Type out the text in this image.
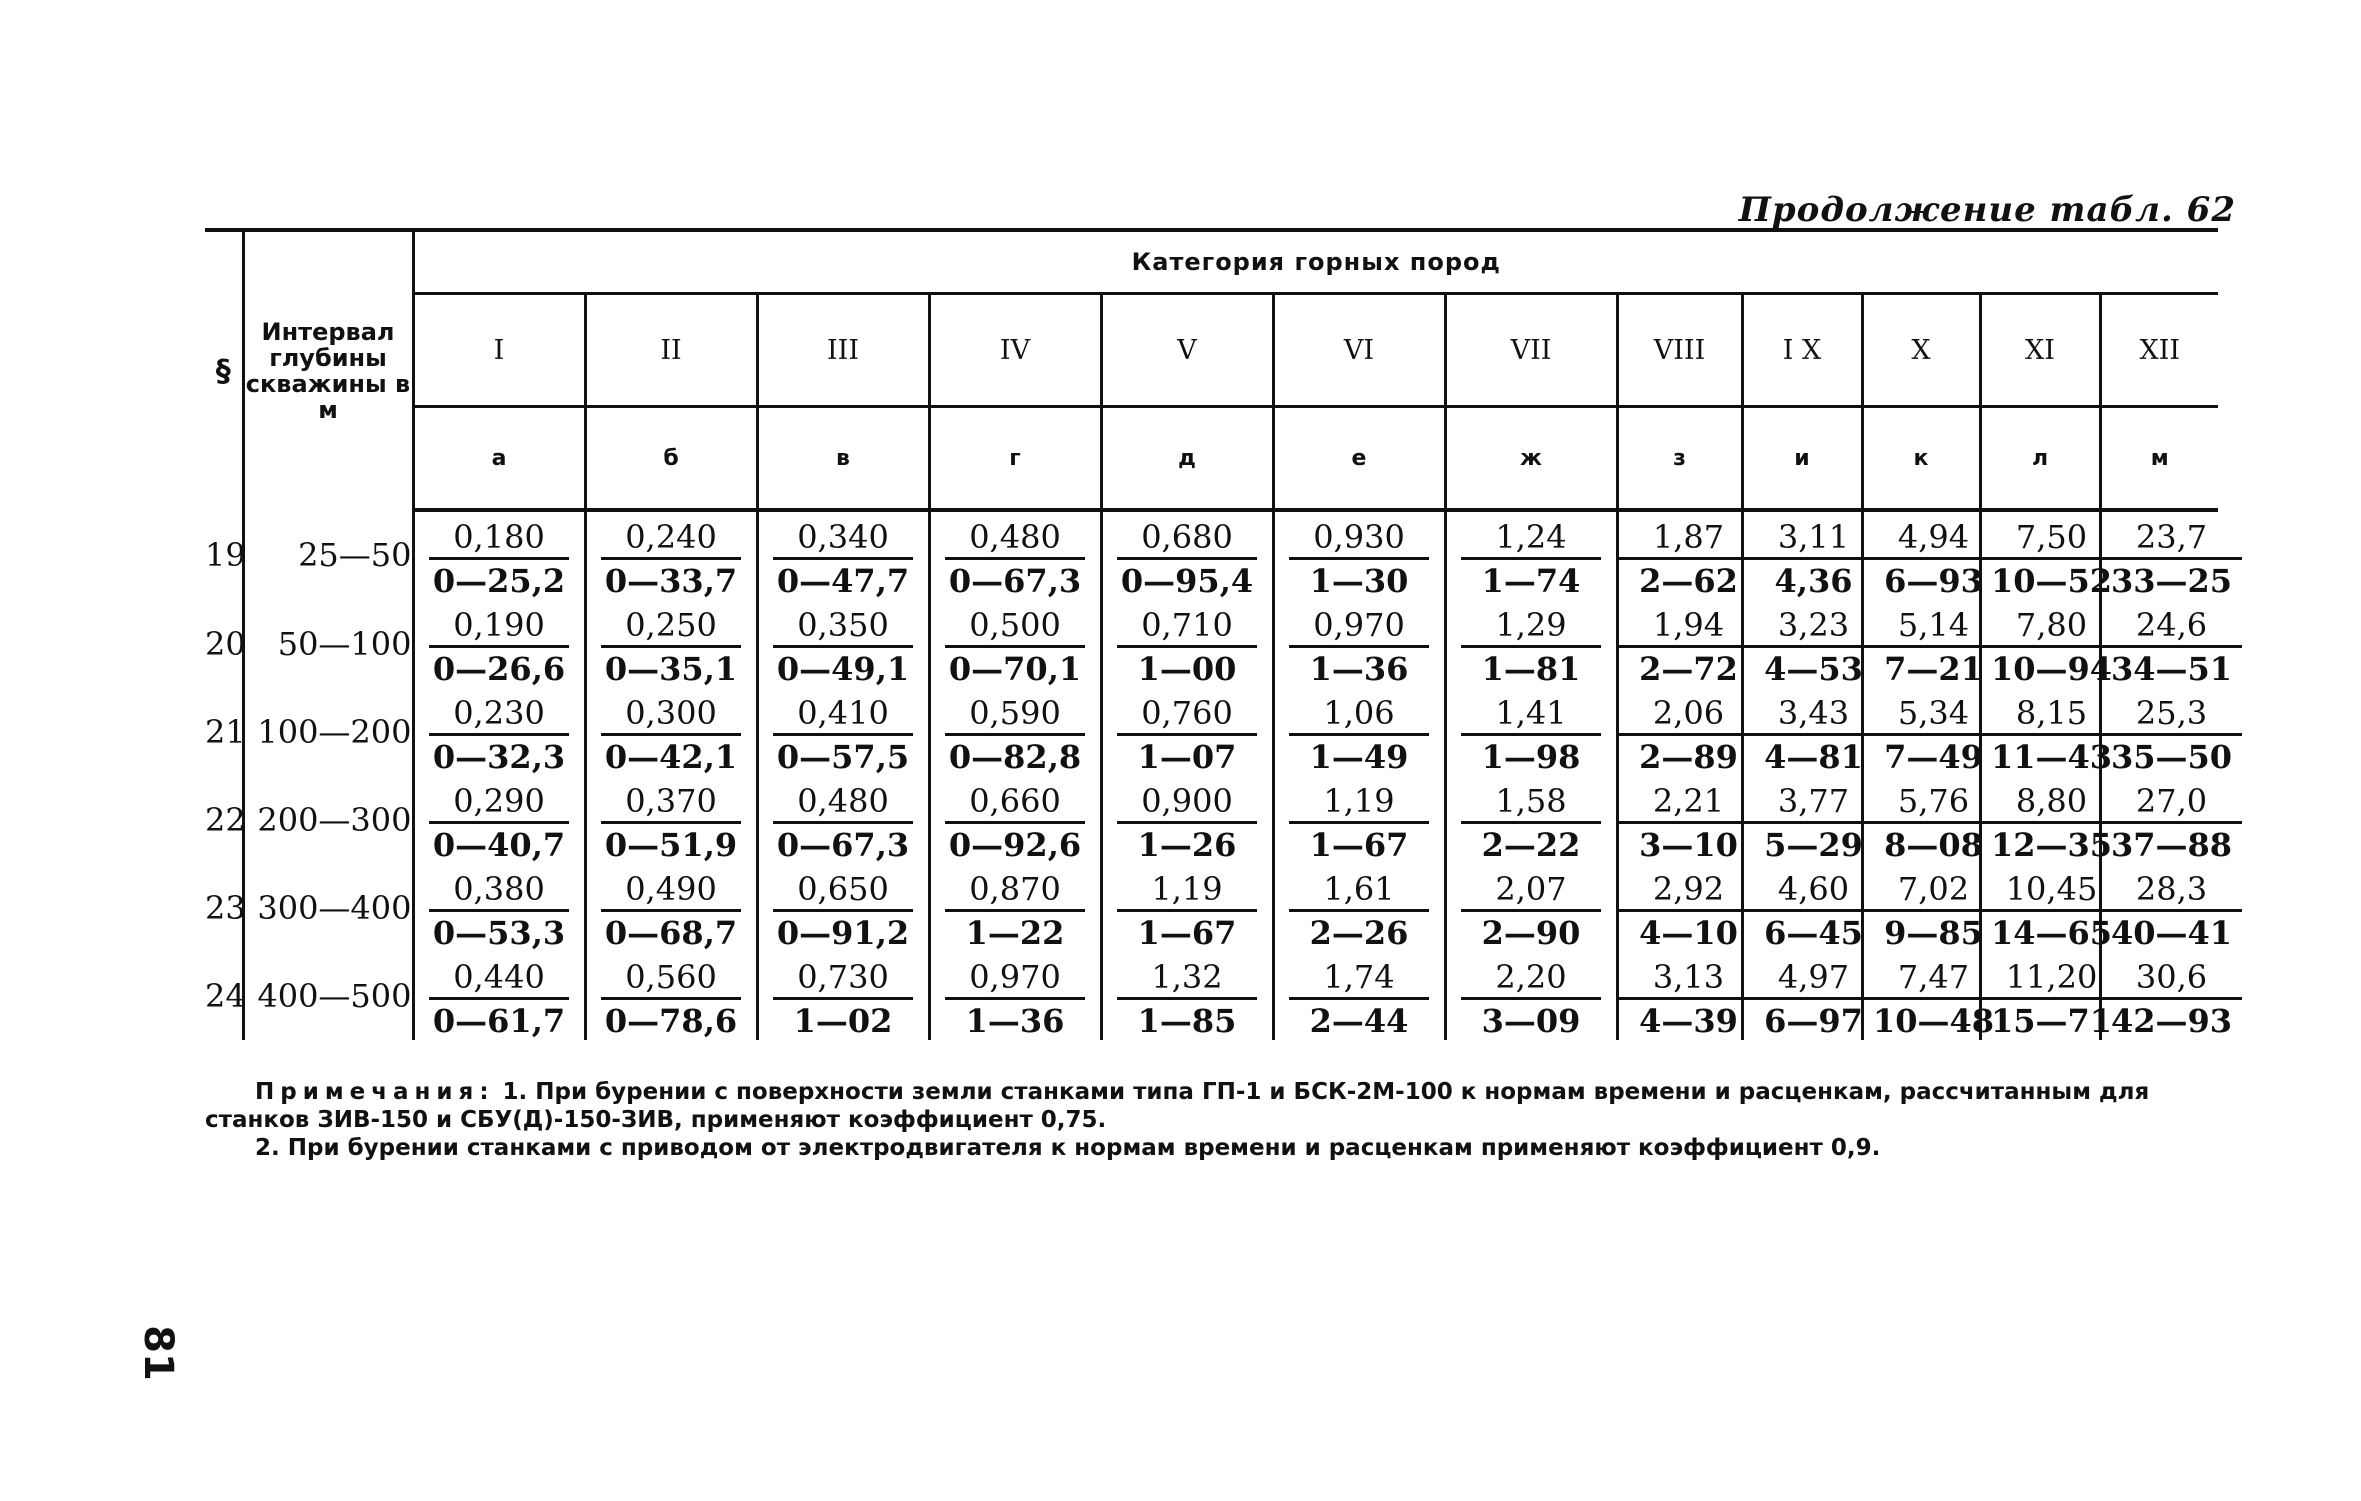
Продолжение табл. 62
§	Интервал глубины скважины в м	Категория горных пород											
		I	II	III	IV	V	VI	VII	VIII	I X	X	XI	XII
		а	б	в	г	д	е	ж	з	и	к	л	м
19	25—50	$\frac{0,180}{0—25,2}$	$\frac{0,240}{0—33,7}$	$\frac{0,340}{0—47,7}$	$\frac{0,480}{0—67,3}$	$\frac{0,680}{0—95,4}$	$\frac{0,930}{1—30}$	$\frac{1,24}{1—74}$	$\frac{1,87}{2—62}$	$\frac{3,11}{4,36}$	$\frac{4,94}{6—93}$	$\frac{7,50}{10—52}$	$\frac{23,7}{33—25}$

20	50—100	$\frac{0,190}{0—26,6}$	$\frac{0,250}{0—35,1}$	$\frac{0,350}{0—49,1}$	$\frac{0,500}{0—70,1}$	$\frac{0,710}{1—00}$	$\frac{0,970}{1—36}$	$\frac{1,29}{1—81}$	$\frac{1,94}{2—72}$	$\frac{3,23}{4—53}$	$\frac{5,14}{7—21}$	$\frac{7,80}{10—94}$	$\frac{24,6}{34—51}$

21	100—200	$\frac{0,230}{0—32,3}$	$\frac{0,300}{0—42,1}$	$\frac{0,410}{0—57,5}$	$\frac{0,590}{0—82,8}$	$\frac{0,760}{1—07}$	$\frac{1,06}{1—49}$	$\frac{1,41}{1—98}$	$\frac{2,06}{2—89}$	$\frac{3,43}{4—81}$	$\frac{5,34}{7—49}$	$\frac{8,15}{11—43}$	$\frac{25,3}{35—50}$

22	200—300	$\frac{0,290}{0—40,7}$	$\frac{0,370}{0—51,9}$	$\frac{0,480}{0—67,3}$	$\frac{0,660}{0—92,6}$	$\frac{0,900}{1—26}$	$\frac{1,19}{1—67}$	$\frac{1,58}{2—22}$	$\frac{2,21}{3—10}$	$\frac{3,77}{5—29}$	$\frac{5,76}{8—08}$	$\frac{8,80}{12—35}$	$\frac{27,0}{37—88}$

23	300—400	$\frac{0,380}{0—53,3}$	$\frac{0,490}{0—68,7}$	$\frac{0,650}{0—91,2}$	$\frac{0,870}{1—22}$	$\frac{1,19}{1—67}$	$\frac{1,61}{2—26}$	$\frac{2,07}{2—90}$	$\frac{2,92}{4—10}$	$\frac{4,60}{6—45}$	$\frac{7,02}{9—85}$	$\frac{10,45}{14—65}$	$\frac{28,3}{40—41}$

24	400—500	$\frac{0,440}{0—61,7}$	$\frac{0,560}{0—78,6}$	$\frac{0,730}{1—02}$	$\frac{0,970}{1—36}$	$\frac{1,32}{1—85}$	$\frac{1,74}{2—44}$	$\frac{2,20}{3—09}$	$\frac{3,13}{4—39}$	$\frac{4,97}{6—97}$	$\frac{7,47}{10—48}$	$\frac{11,20}{15—71}$	$\frac{30,6}{42—93}$
Примечания: 1. При бурении с поверхности земли станками типа ГП-1 и БСК-2М-100 к нормам времени и расценкам, рассчитанным для станков ЗИВ-150 и СБУ(Д)-150-ЗИВ, применяют коэффициент 0,75.
2. При бурении станками с приводом от электродвигателя к нормам времени и расценкам применяют коэффициент 0,9.
81
